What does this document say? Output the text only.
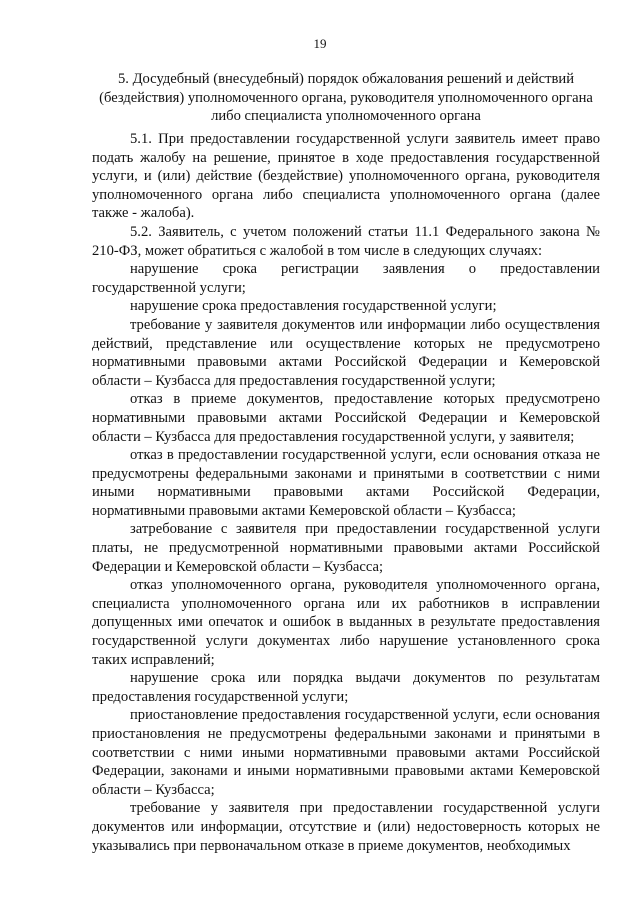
19
5. Досудебный (внесудебный) порядок обжалования решений и действий (бездействия) уполномоченного органа, руководителя уполномоченного органа либо специалиста уполномоченного органа

5.1. При предоставлении государственной услуги заявитель имеет право подать жалобу на решение, принятое в ходе предоставления государственной услуги, и (или) действие (бездействие) уполномоченного органа, руководителя уполномоченного органа либо специалиста уполномоченного органа (далее также - жалоба).

5.2. Заявитель, с учетом положений статьи 11.1 Федерального закона № 210-ФЗ, может обратиться с жалобой в том числе в следующих случаях:

нарушение срока регистрации заявления о предоставлении государственной услуги;

нарушение срока предоставления государственной услуги;

требование у заявителя документов или информации либо осуществления действий, представление или осуществление которых не предусмотрено нормативными правовыми актами Российской Федерации и Кемеровской области – Кузбасса для предоставления государственной услуги;

отказ в приеме документов, предоставление которых предусмотрено нормативными правовыми актами Российской Федерации и Кемеровской области – Кузбасса для предоставления государственной услуги, у заявителя;

отказ в предоставлении государственной услуги, если основания отказа не предусмотрены федеральными законами и принятыми в соответствии с ними иными нормативными правовыми актами Российской Федерации, нормативными правовыми актами Кемеровской области – Кузбасса;

затребование с заявителя при предоставлении государственной услуги платы, не предусмотренной нормативными правовыми актами Российской Федерации и Кемеровской области – Кузбасса;

отказ уполномоченного органа, руководителя уполномоченного органа, специалиста уполномоченного органа или их работников в исправлении допущенных ими опечаток и ошибок в выданных в результате предоставления государственной услуги документах либо нарушение установленного срока таких исправлений;

нарушение срока или порядка выдачи документов по результатам предоставления государственной услуги;

приостановление предоставления государственной услуги, если основания приостановления не предусмотрены федеральными законами и принятыми в соответствии с ними иными нормативными правовыми актами Российской Федерации, законами и иными нормативными правовыми актами Кемеровской области – Кузбасса;

требование у заявителя при предоставлении государственной услуги документов или информации, отсутствие и (или) недостоверность которых не указывались при первоначальном отказе в приеме документов, необходимых
